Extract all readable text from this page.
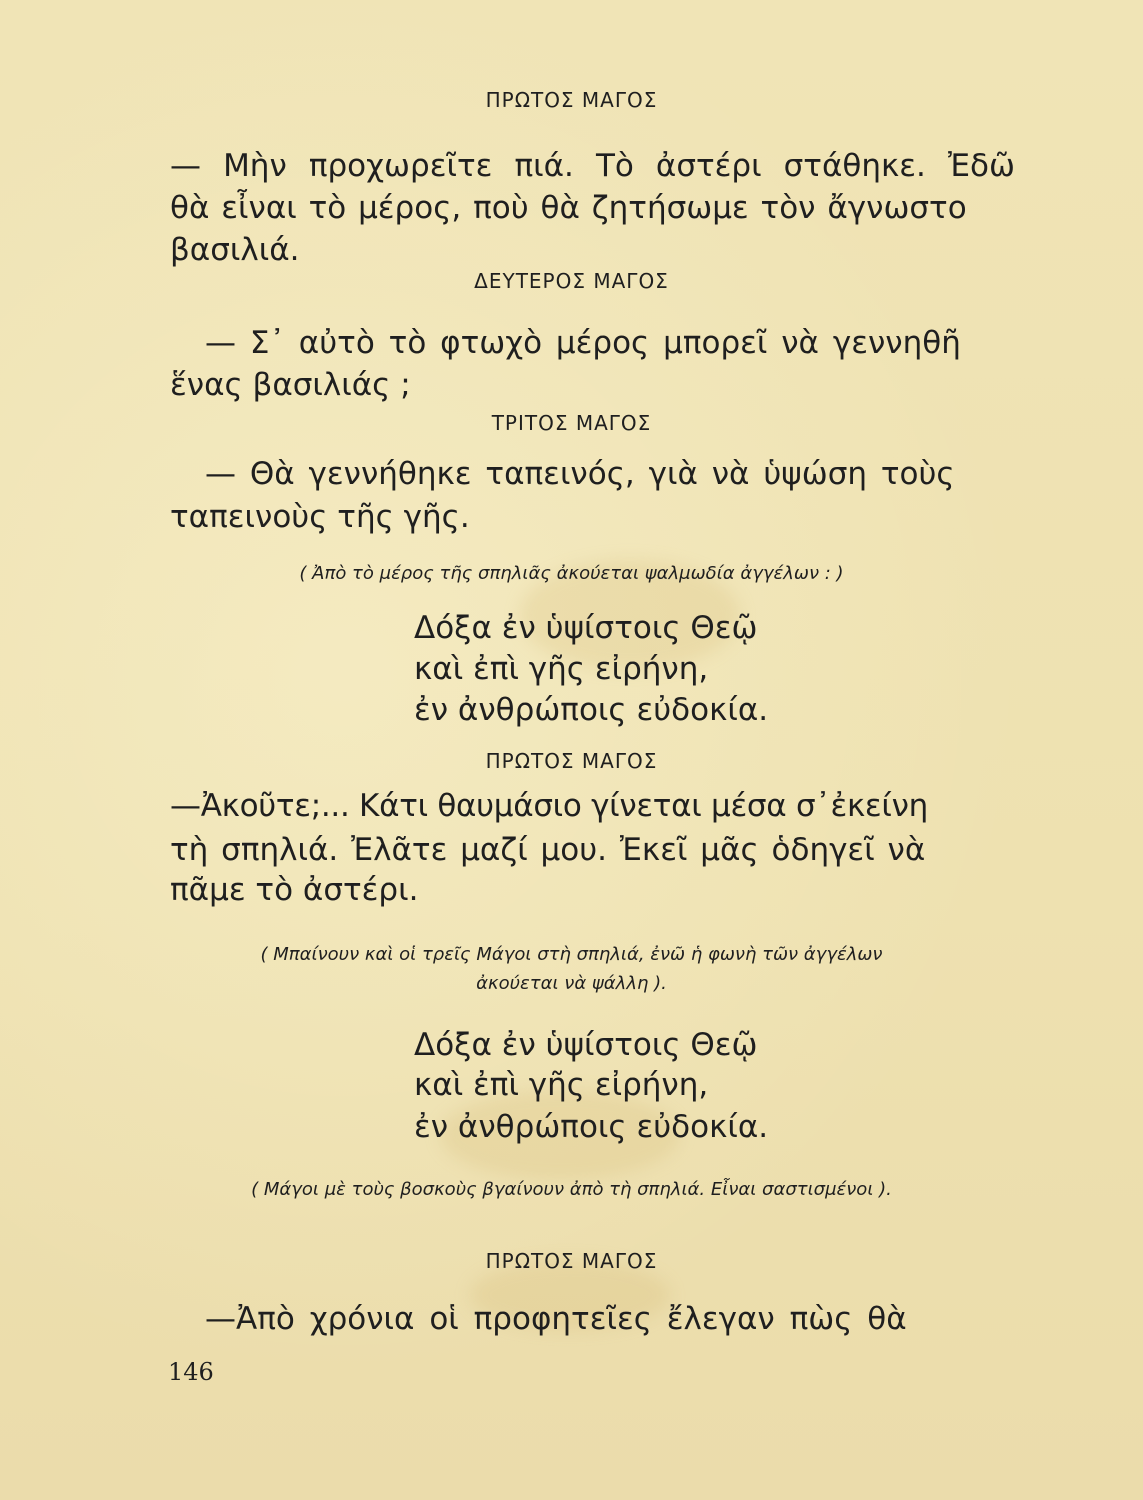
ΠΡΩΤΟΣ ΜΑΓΟΣ
— Μὴν προχωρεῖτε πιά. Τὸ ἀστέρι στάθηκε. Ἐδῶ
θὰ εἶναι τὸ μέρος, ποὺ θὰ ζητήσωμε τὸν ἄγνωστο
βασιλιά.
ΔΕΥΤΕΡΟΣ ΜΑΓΟΣ
— Σ᾽ αὐτὸ τὸ φτωχὸ μέρος μπορεῖ νὰ γεννηθῆ
ἕνας βασιλιάς ;
ΤΡΙΤΟΣ ΜΑΓΟΣ
— Θὰ γεννήθηκε ταπεινός, γιὰ νὰ ὑψώση τοὺς
ταπεινοὺς τῆς γῆς.
( Ἀπὸ τὸ μέρος τῆς σπηλιᾶς ἀκούεται ψαλμωδία ἀγγέλων : )
Δόξα ἐν ὑψίστοις Θεῷ
καὶ ἐπὶ γῆς εἰρήνη,
ἐν ἀνθρώποις εὐδοκία.
ΠΡΩΤΟΣ ΜΑΓΟΣ
—Ἀκοῦτε;... Κάτι θαυμάσιο γίνεται μέσα σ᾽ἐκείνη
τὴ σπηλιά. Ἐλᾶτε μαζί μου. Ἐκεῖ μᾶς ὁδηγεῖ νὰ
πᾶμε τὸ ἀστέρι.
( Μπαίνουν καὶ οἱ τρεῖς Μάγοι στὴ σπηλιά, ἐνῶ ἡ φωνὴ τῶν ἀγγέλων
ἀκούεται νὰ ψάλλη ).
Δόξα ἐν ὑψίστοις Θεῷ
καὶ ἐπὶ γῆς εἰρήνη,
ἐν ἀνθρώποις εὐδοκία.
( Μάγοι μὲ τοὺς βοσκοὺς βγαίνουν ἀπὸ τὴ σπηλιά. Εἶναι σαστισμένοι ).
ΠΡΩΤΟΣ ΜΑΓΟΣ
—Ἀπὸ χρόνια οἱ προφητεῖες ἔλεγαν πὼς θὰ
146
